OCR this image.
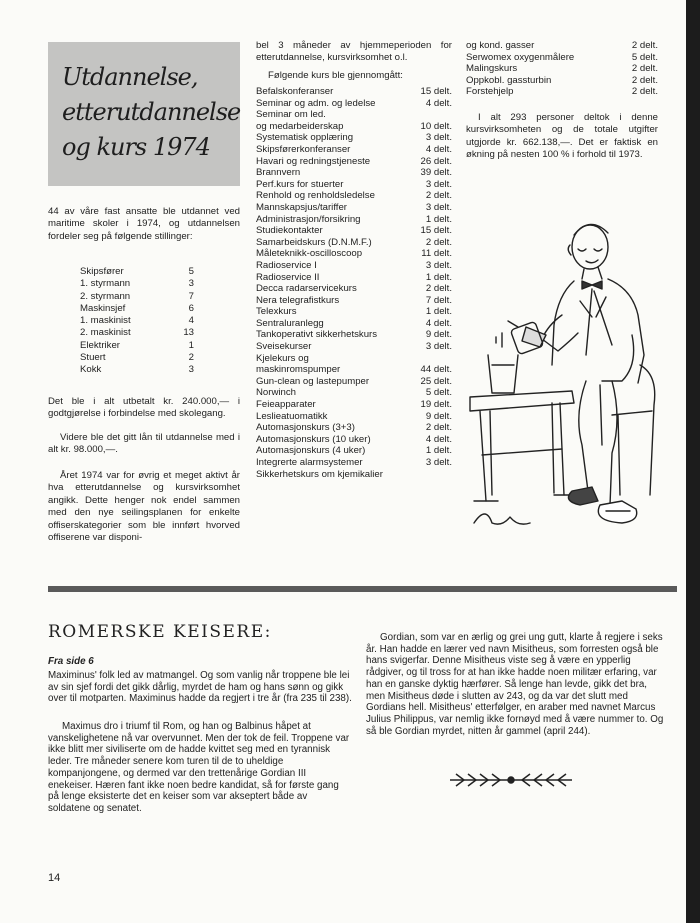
Utdannelse, etterutdannelse og kurs 1974
44 av våre fast ansatte ble utdannet ved maritime skoler i 1974, og utdannelsen fordeler seg på følgende stillinger:
Skipsfører	5
1. styrmann	3
2. styrmann	7
Maskinsjef	6
1. maskinist	4
2. maskinist	13
Elektriker	1
Stuert	2
Kokk	3
Det ble i alt utbetalt kr. 240.000,— i godtgjørelse i forbindelse med skolegang.
Videre ble det gitt lån til utdannelse med i alt kr. 98.000,—.
Året 1974 var for øvrig et meget aktivt år hva etterutdannelse og kursvirksomhet angikk. Dette henger nok endel sammen med den nye seilingsplanen for enkelte offiserskategorier som ble innført hvorved offiserene var disponi-
bel 3 måneder av hjemmeperioden for etterutdannelse, kursvirksomhet o.l.
Følgende kurs ble gjennomgått:
Befalskonferanser	15 delt.
Seminar og adm. og ledelse	4 delt.
Seminar om led.
og medarbeiderskap	10 delt.
Systematisk opplæring	3 delt.
Skipsførerkonferanser	4 delt.
Havari og redningstjeneste	26 delt.
Brannvern	39 delt.
Perf.kurs for stuerter	3 delt.
Renhold og renholdsledelse	2 delt.
Mannskapsjus/tariffer	3 delt.
Administrasjon/forsikring	1 delt.
Studiekontakter	15 delt.
Samarbeidskurs (D.N.M.F.)	2 delt.
Måleteknikk-oscilloscoop	11 delt.
Radioservice I	3 delt.
Radioservice II	1 delt.
Decca radarservicekurs	2 delt.
Nera telegrafistkurs	7 delt.
Telexkurs	1 delt.
Sentraluranlegg	4 delt.
Tankoperativt sikkerhetskurs	9 delt.
Sveisekurser	3 delt.
Kjelekurs og
maskinromspumper	44 delt.
Gun-clean og lastepumper	25 delt.
Norwinch	5 delt.
Feieapparater	19 delt.
Leslieatuomatikk	9 delt.
Automasjonskurs (3+3)	2 delt.
Automasjonskurs (10 uker)	4 delt.
Automasjonskurs (4 uker)	1 delt.
Integrerte alarmsystemer	3 delt.
Sikkerhetskurs om kjemikalier
og kond. gasser	2 delt.
Serwomex oxygenmålere	5 delt.
Malingskurs	2 delt.
Oppkobl. gassturbin	2 delt.
Forstehjelp	2 delt.
I alt 293 personer deltok i denne kursvirksomheten og de totale utgifter utgjorde kr. 662.138,—. Det er faktisk en økning på nesten 100 % i forhold til 1973.
ROMERSKE KEISERE:
Fra side 6
Maximinus' folk led av matmangel. Og som vanlig når troppene ble lei av sin sjef fordi det gikk dårlig, myrdet de ham og hans sønn og gikk over til motparten. Maximinus hadde da regjert i tre år (fra 235 til 238).
Maximus dro i triumf til Rom, og han og Balbinus håpet at vanskelighetene nå var overvunnet. Men der tok de feil. Troppene var ikke blitt mer siviliserte om de hadde kvittet seg med en tyrannisk leder. Tre måneder senere kom turen til de to uheldige kompanjongene, og dermed var den trettenårige Gordian III enekeiser. Hæren fant ikke noen bedre kandidat, så for første gang på lenge eksisterte det en keiser som var akseptert både av soldatene og senatet.
Gordian, som var en ærlig og grei ung gutt, klarte å regjere i seks år. Han hadde en lærer ved navn Misitheus, som forresten også ble hans svigerfar. Denne Misitheus viste seg å være en ypperlig rådgiver, og til tross for at han ikke hadde noen militær erfaring, var han en ganske dyktig hærfører. Så lenge han levde, gikk det bra, men Misitheus døde i slutten av 243, og da var det slutt med Gordians hell. Misitheus' etterfølger, en araber med navnet Marcus Julius Philippus, var nemlig ikke fornøyd med å være nummer to. Og så ble Gordian myrdet, nitten år gammel (april 244).
14
